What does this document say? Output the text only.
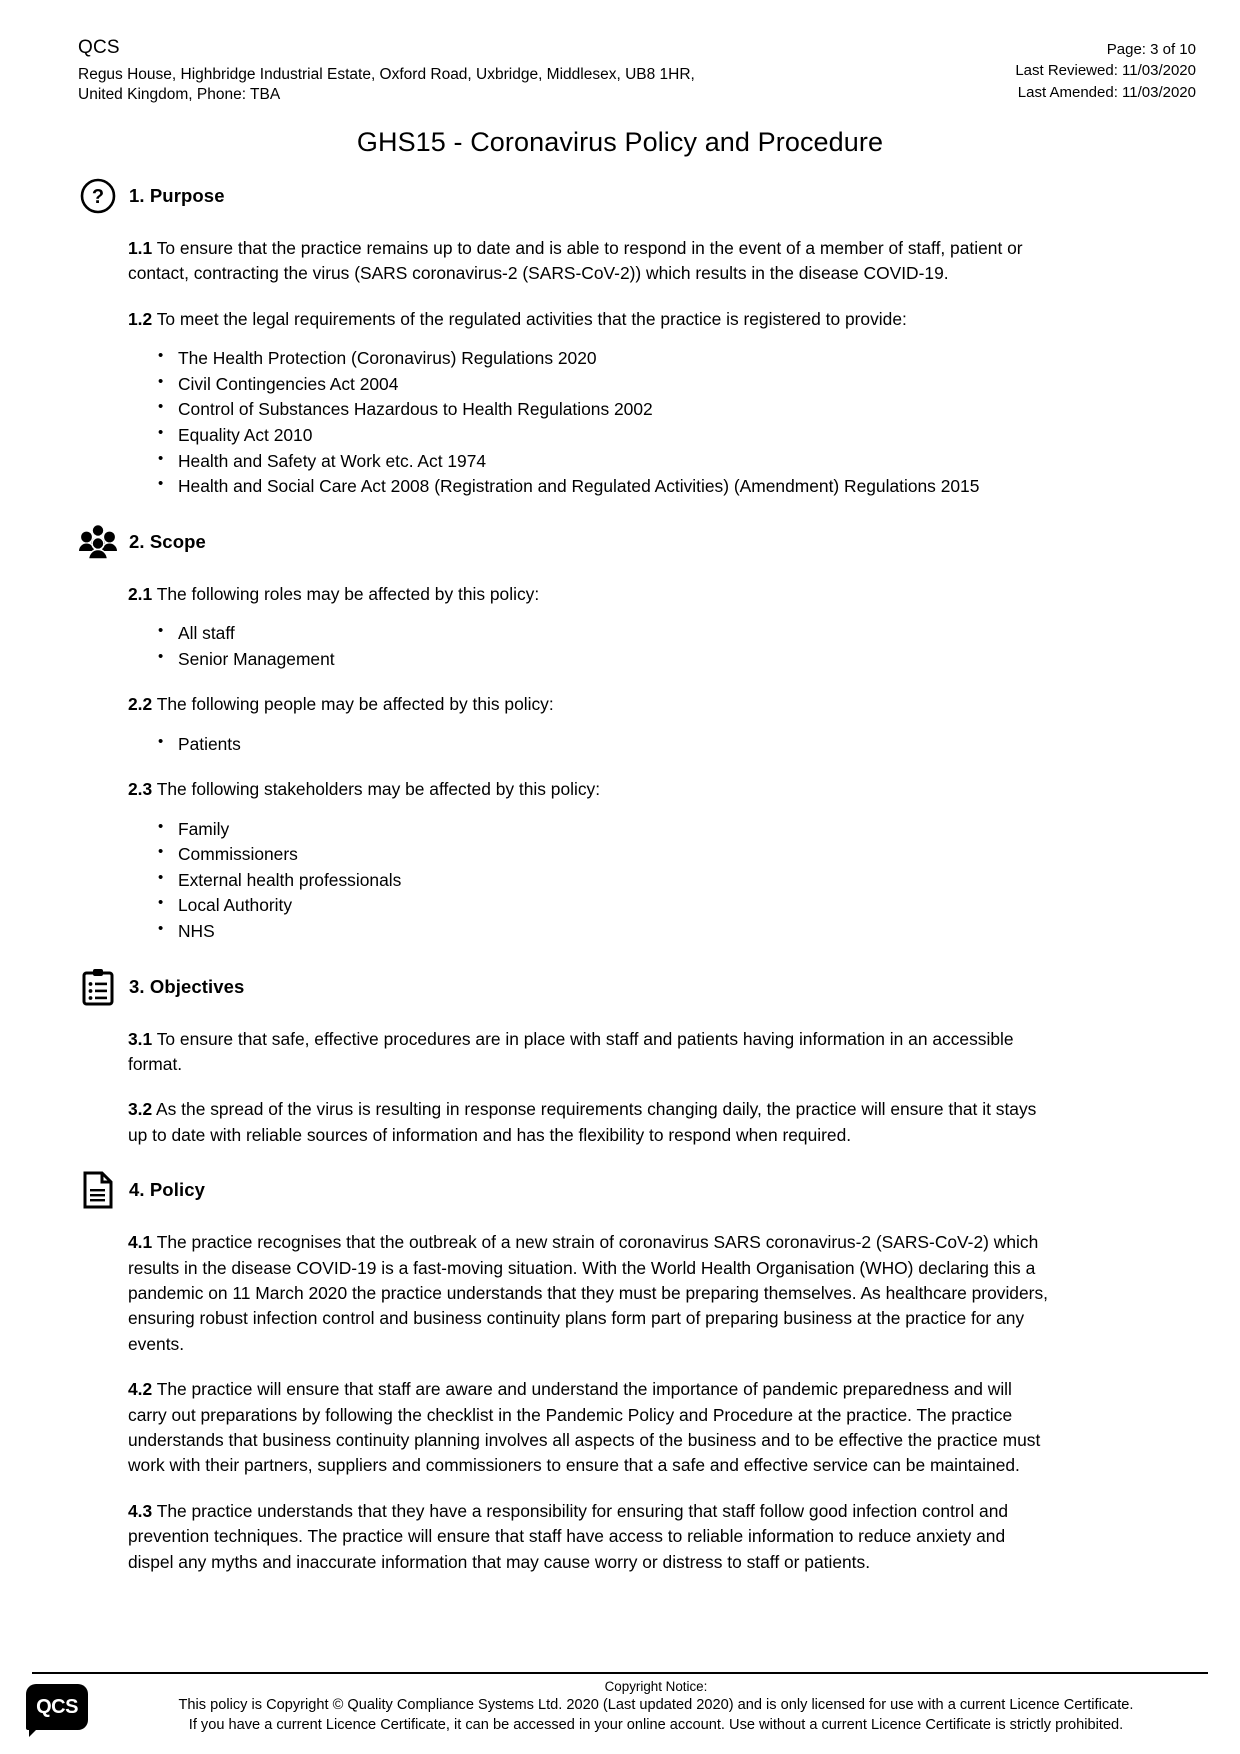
QCS
Regus House, Highbridge Industrial Estate, Oxford Road, Uxbridge, Middlesex, UB8 1HR, United Kingdom, Phone: TBA
Page: 3 of 10
Last Reviewed: 11/03/2020
Last Amended: 11/03/2020
GHS15 - Coronavirus Policy and Procedure
? 1. Purpose

1.1 To ensure that the practice remains up to date and is able to respond in the event of a member of staff, patient or contact, contracting the virus (SARS coronavirus-2 (SARS-CoV-2)) which results in the disease COVID-19.

1.2 To meet the legal requirements of the regulated activities that the practice is registered to provide:

• The Health Protection (Coronavirus) Regulations 2020
• Civil Contingencies Act 2004
• Control of Substances Hazardous to Health Regulations 2002
• Equality Act 2010
• Health and Safety at Work etc. Act 1974
• Health and Social Care Act 2008 (Registration and Regulated Activities) (Amendment) Regulations 2015
2. Scope

2.1 The following roles may be affected by this policy:

• All staff
• Senior Management

2.2 The following people may be affected by this policy:

• Patients

2.3 The following stakeholders may be affected by this policy:

• Family
• Commissioners
• External health professionals
• Local Authority
• NHS
3. Objectives

3.1 To ensure that safe, effective procedures are in place with staff and patients having information in an accessible format.

3.2 As the spread of the virus is resulting in response requirements changing daily, the practice will ensure that it stays up to date with reliable sources of information and has the flexibility to respond when required.

4. Policy

4.1 The practice recognises that the outbreak of a new strain of coronavirus SARS coronavirus-2 (SARS-CoV-2) which results in the disease COVID-19 is a fast-moving situation. With the World Health Organisation (WHO) declaring this a pandemic on 11 March 2020 the practice understands that they must be preparing themselves. As healthcare providers, ensuring robust infection control and business continuity plans form part of preparing business at the practice for any events.

4.2 The practice will ensure that staff are aware and understand the importance of pandemic preparedness and will carry out preparations by following the checklist in the Pandemic Policy and Procedure at the practice. The practice understands that business continuity planning involves all aspects of the business and to be effective the practice must work with their partners, suppliers and commissioners to ensure that a safe and effective service can be maintained.

4.3 The practice understands that they have a responsibility for ensuring that staff follow good infection control and prevention techniques. The practice will ensure that staff have access to reliable information to reduce anxiety and dispel any myths and inaccurate information that may cause worry or distress to staff or patients.

QCS
Copyright Notice:
This policy is Copyright © Quality Compliance Systems Ltd. 2020 (Last updated 2020) and is only licensed for use with a current Licence Certificate.
If you have a current Licence Certificate, it can be accessed in your online account. Use without a current Licence Certificate is strictly prohibited.
